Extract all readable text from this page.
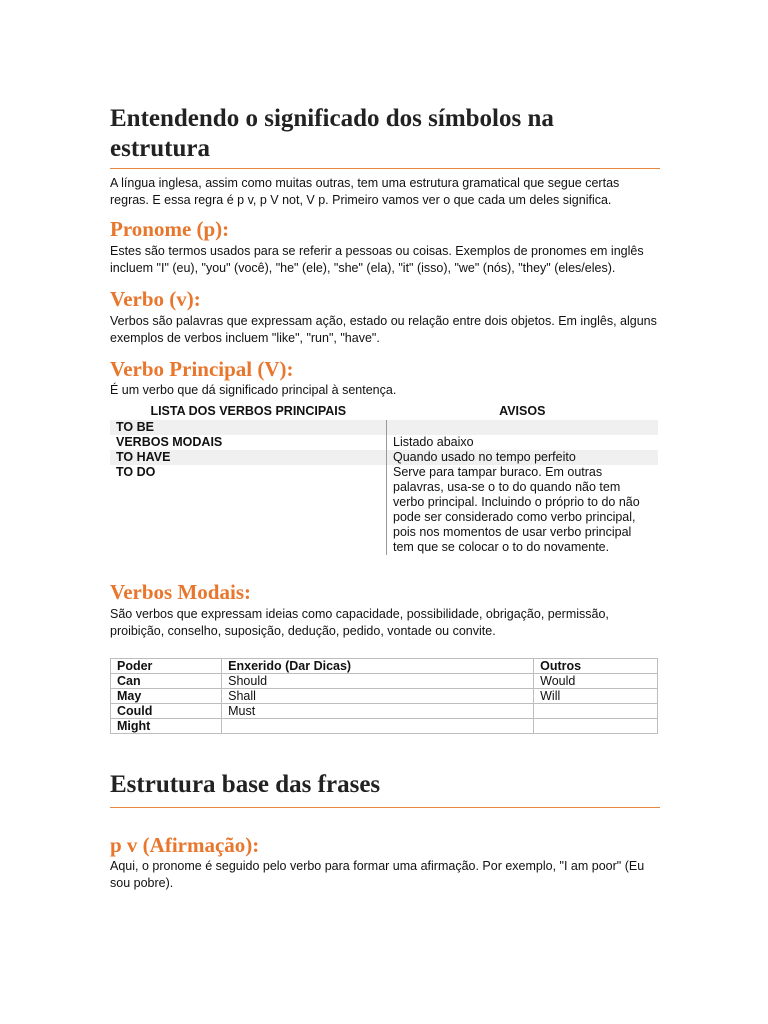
Entendendo o significado dos símbolos na estrutura

A língua inglesa, assim como muitas outras, tem uma estrutura gramatical que segue certas regras. E essa regra é p v, p V not, V p. Primeiro vamos ver o que cada um deles significa.

Pronome (p):

Estes são termos usados para se referir a pessoas ou coisas. Exemplos de pronomes em inglês incluem "I" (eu), "you" (você), "he" (ele), "she" (ela), "it" (isso), "we" (nós), "they" (eles/eles).

Verbo (v):

Verbos são palavras que expressam ação, estado ou relação entre dois objetos. Em inglês, alguns exemplos de verbos incluem "like", "run", "have".

Verbo Principal (V):

É um verbo que dá significado principal à sentença.

LISTA DOS VERBOS PRINCIPAIS	AVISOS
TO BE	
VERBOS MODAIS	Listado abaixo
TO HAVE	Quando usado no tempo perfeito
TO DO	Serve para tampar buraco. Em outras palavras, usa-se o to do quando não tem verbo principal. Incluindo o próprio to do não pode ser considerado como verbo principal, pois nos momentos de usar verbo principal tem que se colocar o to do novamente.
Verbos Modais:

São verbos que expressam ideias como capacidade, possibilidade, obrigação, permissão, proibição, conselho, suposição, dedução, pedido, vontade ou convite.

Poder	Enxerido (Dar Dicas)	Outros
Can	Should	Would
May	Shall	Will
Could	Must	
Might		
Estrutura base das frases
p v (Afirmação):

Aqui, o pronome é seguido pelo verbo para formar uma afirmação. Por exemplo, "I am poor" (Eu sou pobre).
